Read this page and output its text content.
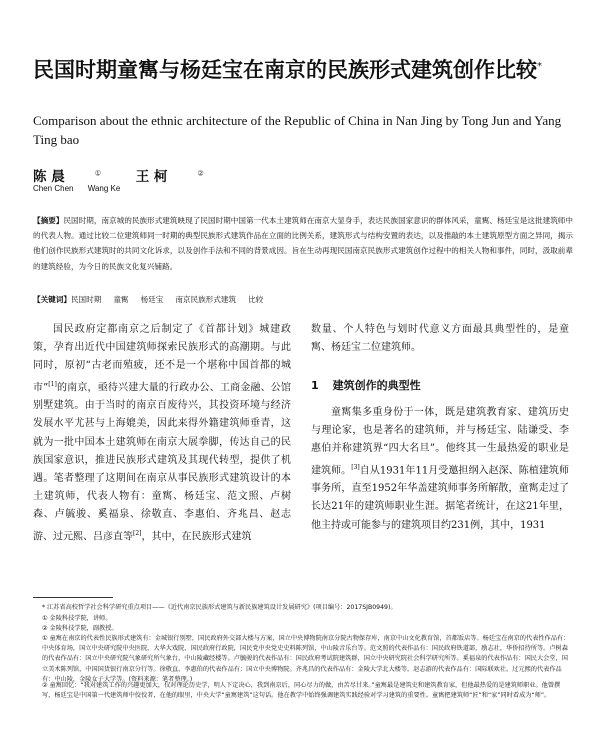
民国时期童寯与杨廷宝在南京的民族形式建筑创作比较*

Comparison about the ethnic architecture of the Republic of China in Nan Jing by Tong Jun and Yang Ting bao

陈 晨	①	王 柯	②

Chen Chen Wang Ke

【摘要】民国时期，南京城的民族形式建筑映现了民国时期中国第一代本土建筑师在南京大显身手，表达民族国家意识的群体风采，童寯、杨廷宝是这批建筑师中的代表人物。通过比较二位建筑师同一时期的典型民族形式建筑作品在立面的比例关系，建筑形式与结构安置的表达，以及推敲的本土建筑原型方面之异同，揭示他们创作民族形式建筑时的共同文化诉求，以及创作手法和不同的背景成因。旨在生动再现民国南京民族形式建筑创作过程中的相关人物和事件，同时，汲取前辈的建筑经验，为今日的民族文化复兴铺路。

【关键词】民国时期 童寯 杨廷宝 南京民族形式建筑 比较

国民政府定都南京之后制定了《首都计划》城建政策，孕育出近代中国建筑师探索民族形式的高潮期。与此同时，原初“古老而殖疲，还不是一个堪称中国首都的城市”[1]的南京，亟待兴建大量的行政办公、工商金融、公馆别墅建筑。由于当时的南京百废待兴，其投资环境与经济发展水平尤甚与上海媲美，因此来得外籍建筑师垂青，这就为一批中国本土建筑师在南京大展拳脚，传达自己的民族国家意识，推进民族形式建筑及其现代转型，提供了机遇。笔者整理了这期间在南京从事民族形式建筑设计的本土建筑师，代表人物有：童寯、杨廷宝、范文照、卢树森、卢毓骏、奚福泉、徐敬直、李惠伯、齐兆昌、赵志游、过元熙、吕彦直等[2]，其中，在民族形式建筑

数量、个人特色与划时代意义方面最具典型性的，是童寯、杨廷宝二位建筑师。

1 建筑创作的典型性

童寯集多重身份于一体，既是建筑教育家、建筑历史与理论家，也是著名的建筑师，并与杨廷宝、陆谦受、李惠伯并称建筑界“四大名旦”。他终其一生最热爱的职业是建筑师。[3]自从1931年11月受邀担纲入赵深、陈植建筑师事务所，直至1952年华盖建筑师事务所解散，童寯走过了长达21年的建筑师职业生涯。据笔者统计，在这21年里，他主持或可能参与的建筑项目约231例，其中，1931

* 江苏省高校哲学社会科学研究重点项目——《近代南京民族形式建筑与新民族建筑设计发展研究》(项目编号：2017SJB0949)。

① 金陵科技学院，讲师。

② 金陵科技学院，副教授。

① 童寯在南京的代表性民族形式建筑有：金城银行别墅，国民政府外交部大楼与方案，国立中央博物院南京分院古物保存库，南京中山文化教育馆，首都饭店等。杨廷宝在南京的代表性作品有：中央体育场，国立中央研究院中央医院，大华大戏院，国民政府行政院，国民党中央党史史料陈列馆，中山陵音乐台等。范文照的代表作品有：国民政府铁道部，励志社，华侨招待所等。卢树森的代表作品有：国立中央研究院气象研究所气象台，中山陵藏经楼等。卢毓骏的代表作品有：国民政府考试院建筑群，国立中央研究院社会科学研究所等。奚福泉的代表作品有：国民大会堂，国立美术陈列馆，中国国货银行南京分行等。徐敬直，李惠伯的代表作品有：国立中央博物院。齐兆昌的代表作品有：金陵大学北大楼等。赵志游的代表作品有：国际联欢社。过元熙的代表作品有：中山陵，金陵女子大学等。(资料来源：笔者整理。)

② 童寯回忆：“我对建筑工作的兴趣更加大，仅对理论历史学，明人下定决心，我到南京后，同心尽力的做，由苦尽甘来。”童寯最是建筑史和建筑教育家，但他最热爱的是建筑师职业。他曾撰写，杨廷宝是中国第一代建筑师中佼佼者，在他的眼里，中央大学“童寯建筑”这句话。他在教学中始终强调建筑实践经验对学习建筑的重要性。童寯把建筑师“匠”和“家”同时看成为“师”。
